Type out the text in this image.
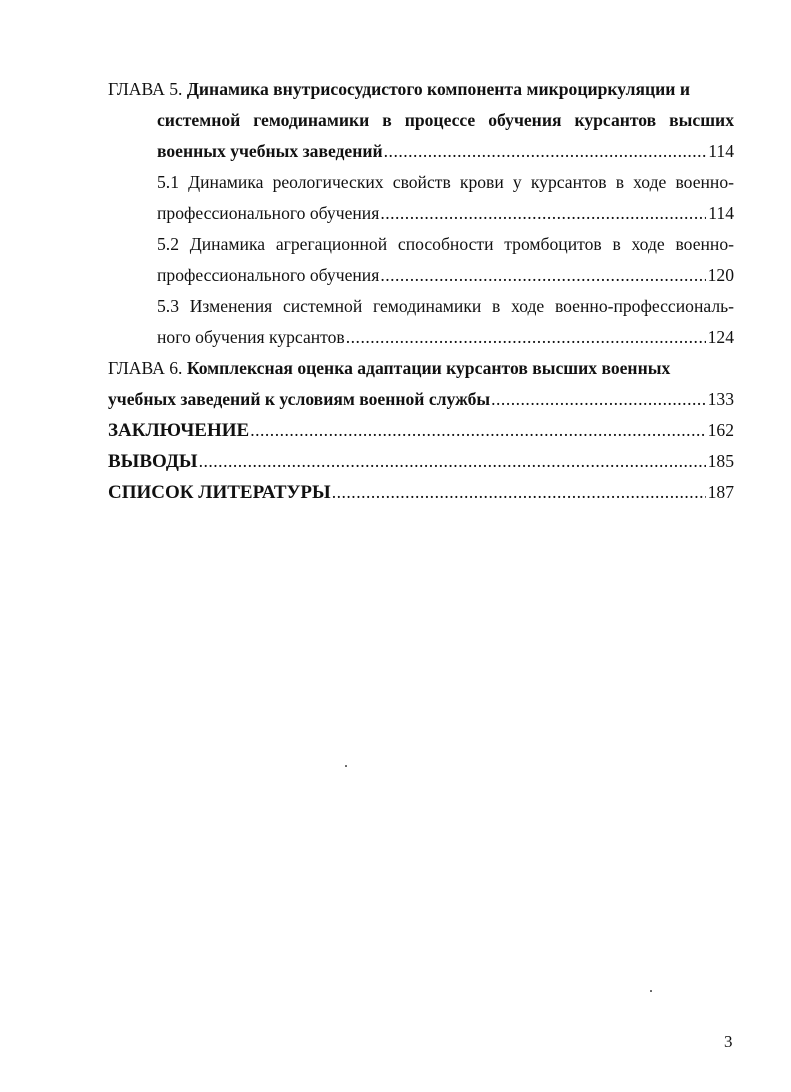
ГЛАВА 5. Динамика внутрисосудистого компонента микроциркуляции и
системной гемодинамики в процессе обучения курсантов высших
военных учебных заведений .....	114
5.1 Динамика реологических свойств крови у курсантов в ходе военно-
профессионального обучения .....	114
5.2 Динамика агрегационной способности тромбоцитов в ходе военно-
профессионального обучения .....	120
5.3 Изменения системной гемодинамики в ходе военно-профессиональ-
ного обучения курсантов .....	124
ГЛАВА 6. Комплексная оценка адаптации курсантов высших военных
учебных заведений к условиям военной службы .....	133
ЗАКЛЮЧЕНИЕ .....	162
ВЫВОДЫ .....	185
СПИСОК ЛИТЕРАТУРЫ .....	187
3
